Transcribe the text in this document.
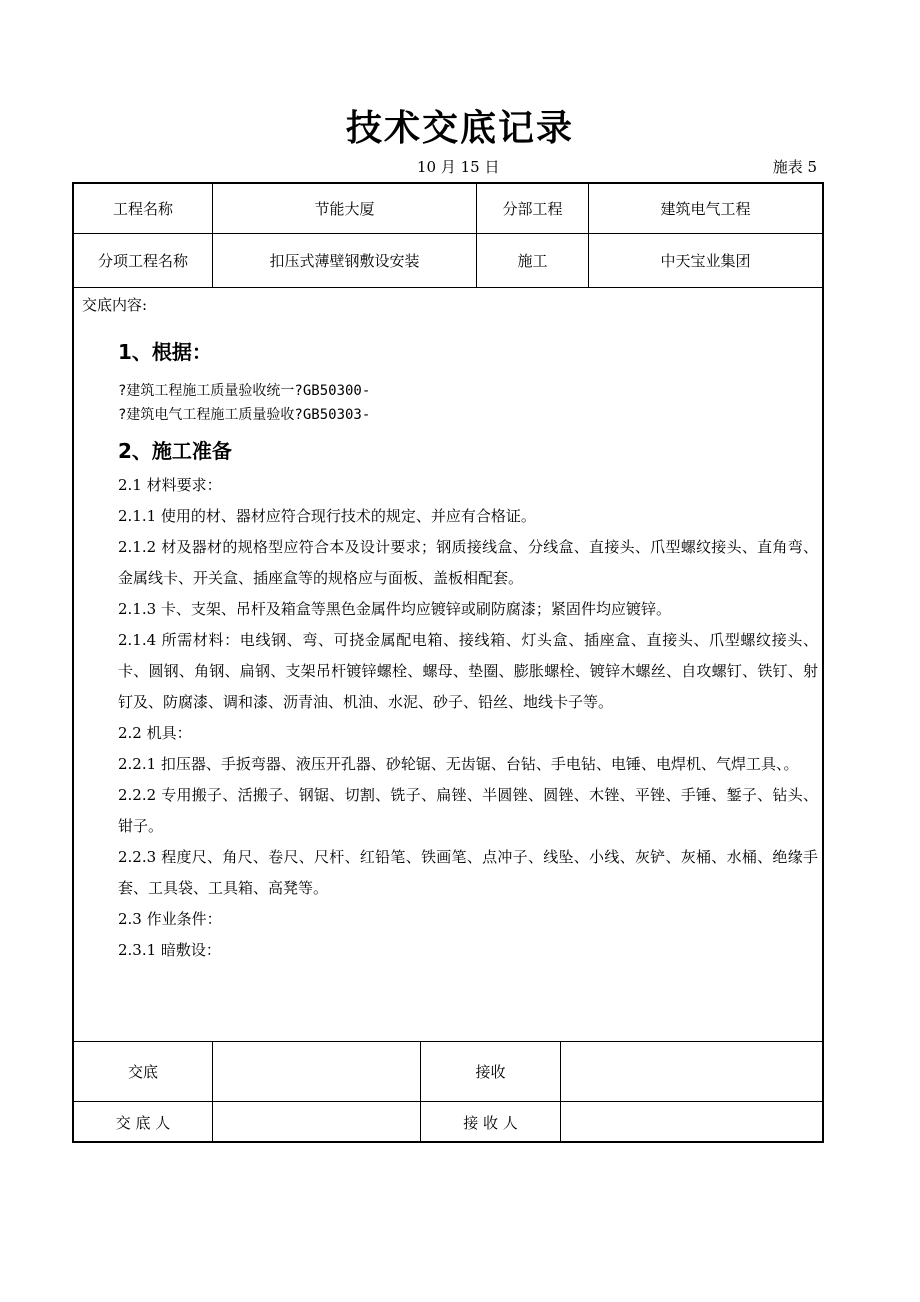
技术交底记录
10 月 15 日	施表 5
工程名称	节能大厦	分部工程	建筑电气工程
分项工程名称	扣压式薄壁钢敷设安装	施工	中天宝业集团

交底内容:

1、根据：

?建筑工程施工质量验收统一?GB50300-

?建筑电气工程施工质量验收?GB50303-

2、施工准备

2.1 材料要求：

2.1.1 使用的材、器材应符合现行技术的规定、并应有合格证。

2.1.2 材及器材的规格型应符合本及设计要求；钢质接线盒、分线盒、直接头、爪型螺纹接头、直角弯、金属线卡、开关盒、插座盒等的规格应与面板、盖板相配套。

2.1.3 卡、支架、吊杆及箱盒等黑色金属件均应镀锌或刷防腐漆；紧固件均应镀锌。

2.1.4 所需材料：电线钢、弯、可挠金属配电箱、接线箱、灯头盒、插座盒、直接头、爪型螺纹接头、卡、圆钢、角钢、扁钢、支架吊杆镀锌螺栓、螺母、垫圈、膨胀螺栓、镀锌木螺丝、自攻螺钉、铁钉、射钉及、防腐漆、调和漆、沥青油、机油、水泥、砂子、铅丝、地线卡子等。

2.2 机具：

2.2.1 扣压器、手扳弯器、液压开孔器、砂轮锯、无齿锯、台钻、手电钻、电锤、电焊机、气焊工具、。

2.2.2 专用搬子、活搬子、钢锯、切割、铣子、扁锉、半圆锉、圆锉、木锉、平锉、手锤、錾子、钻头、钳子。

2.2.3 程度尺、角尺、卷尺、尺杆、红铅笔、铁画笔、点冲子、线坠、小线、灰铲、灰桶、水桶、绝缘手套、工具袋、工具箱、高凳等。

2.3 作业条件：

2.3.1 暗敷设：

交底	接收
交 底 人	接 收 人
